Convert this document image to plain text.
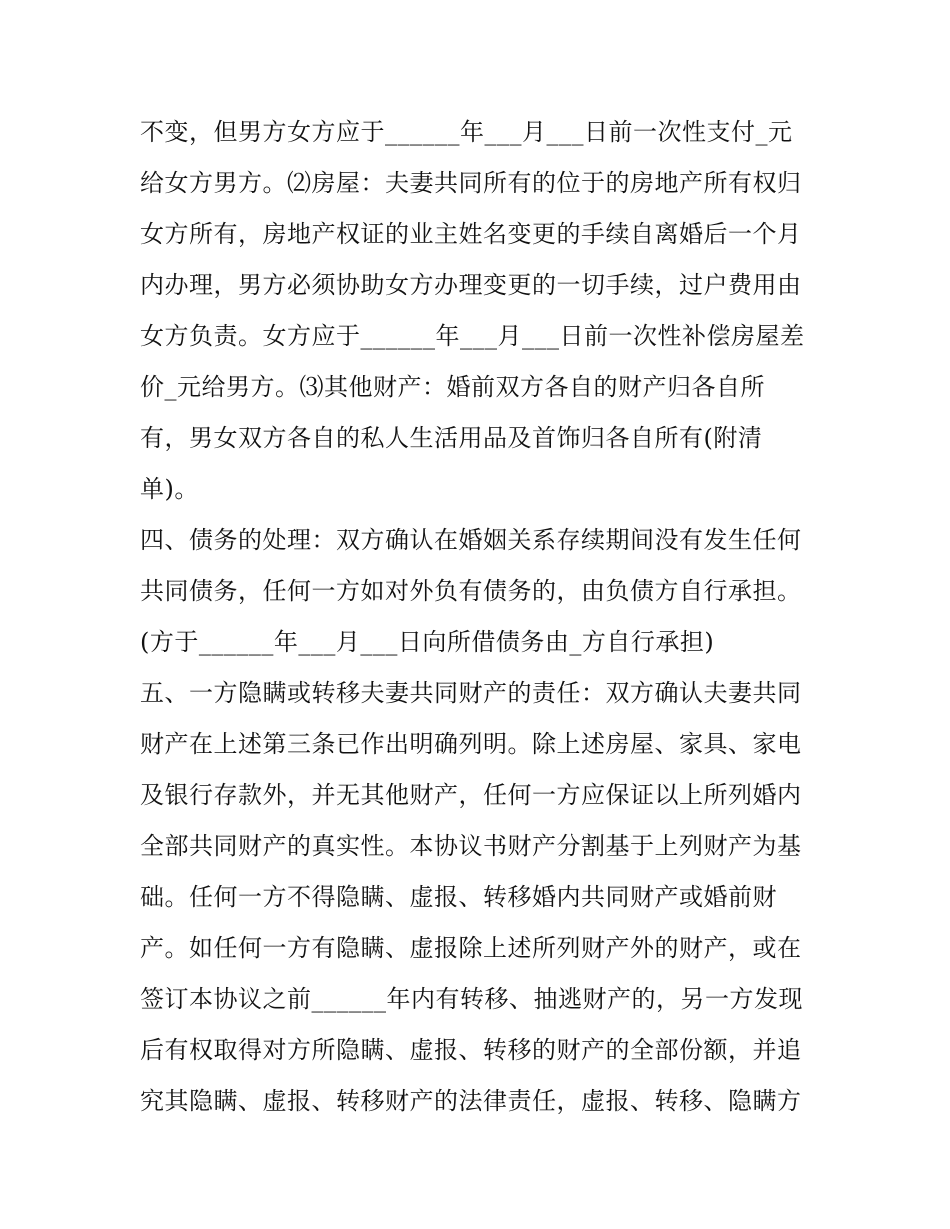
不变，但男方女方应于______年___月___日前一次性支付_元
给女方男方。⑵房屋：夫妻共同所有的位于的房地产所有权归
女方所有，房地产权证的业主姓名变更的手续自离婚后一个月
内办理，男方必须协助女方办理变更的一切手续，过户费用由
女方负责。女方应于______年___月___日前一次性补偿房屋差
价_元给男方。⑶其他财产：婚前双方各自的财产归各自所
有，男女双方各自的私人生活用品及首饰归各自所有(附清
单)。
四、债务的处理：双方确认在婚姻关系存续期间没有发生任何
共同债务，任何一方如对外负有债务的，由负债方自行承担。
(方于______年___月___日向所借债务由_方自行承担)
五、一方隐瞒或转移夫妻共同财产的责任：双方确认夫妻共同
财产在上述第三条已作出明确列明。除上述房屋、家具、家电
及银行存款外，并无其他财产，任何一方应保证以上所列婚内
全部共同财产的真实性。本协议书财产分割基于上列财产为基
础。任何一方不得隐瞒、虚报、转移婚内共同财产或婚前财
产。如任何一方有隐瞒、虚报除上述所列财产外的财产，或在
签订本协议之前______年内有转移、抽逃财产的，另一方发现
后有权取得对方所隐瞒、虚报、转移的财产的全部份额，并追
究其隐瞒、虚报、转移财产的法律责任，虚报、转移、隐瞒方
